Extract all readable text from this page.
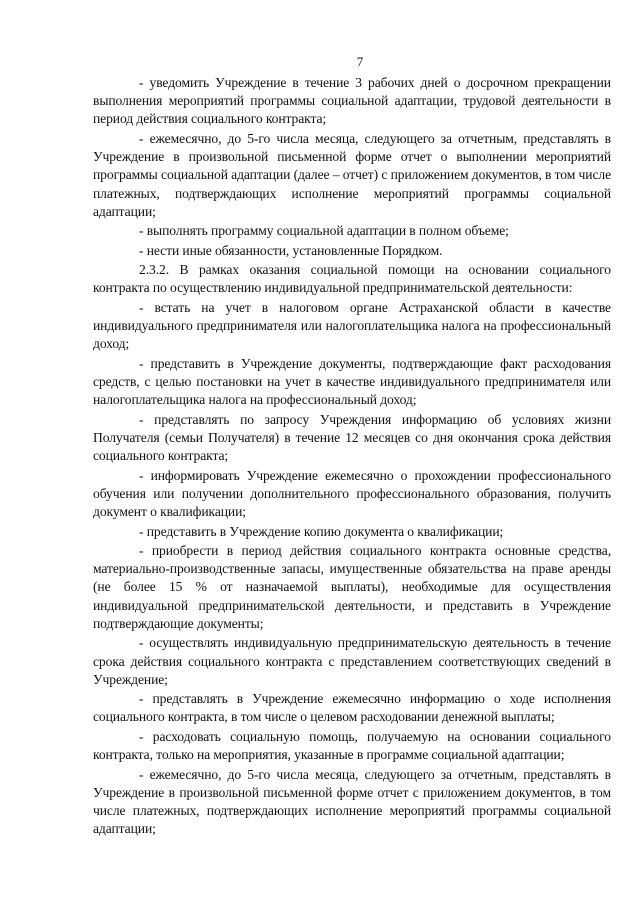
7

- уведомить Учреждение в течение 3 рабочих дней о досрочном прекращении выполнения мероприятий программы социальной адаптации, трудовой деятельности в период действия социального контракта;

- ежемесячно, до 5-го числа месяца, следующего за отчетным, представлять в Учреждение в произвольной письменной форме отчет о выполнении мероприятий программы социальной адаптации (далее – отчет) с приложением документов, в том числе платежных, подтверждающих исполнение мероприятий программы социальной адаптации;

- выполнять программу социальной адаптации в полном объеме;

- нести иные обязанности, установленные Порядком.

2.3.2. В рамках оказания социальной помощи на основании социального контракта по осуществлению индивидуальной предпринимательской деятельности:

- встать на учет в налоговом органе Астраханской области в качестве индивидуального предпринимателя или налогоплательщика налога на профессиональный доход;

- представить в Учреждение документы, подтверждающие факт расходования средств, с целью постановки на учет в качестве индивидуального предпринимателя или налогоплательщика налога на профессиональный доход;

- представлять по запросу Учреждения информацию об условиях жизни Получателя (семьи Получателя) в течение 12 месяцев со дня окончания срока действия социального контракта;

- информировать Учреждение ежемесячно о прохождении профессионального обучения или получении дополнительного профессионального образования, получить документ о квалификации;

- представить в Учреждение копию документа о квалификации;

- приобрести в период действия социального контракта основные средства, материально-производственные запасы, имущественные обязательства на праве аренды (не более 15 % от назначаемой выплаты), необходимые для осуществления индивидуальной предпринимательской деятельности, и представить в Учреждение подтверждающие документы;

- осуществлять индивидуальную предпринимательскую деятельность в течение срока действия социального контракта с представлением соответствующих сведений в Учреждение;

- представлять в Учреждение ежемесячно информацию о ходе исполнения социального контракта, в том числе о целевом расходовании денежной выплаты;

- расходовать социальную помощь, получаемую на основании социального контракта, только на мероприятия, указанные в программе социальной адаптации;

- ежемесячно, до 5-го числа месяца, следующего за отчетным, представлять в Учреждение в произвольной письменной форме отчет с приложением документов, в том числе платежных, подтверждающих исполнение мероприятий программы социальной адаптации;
